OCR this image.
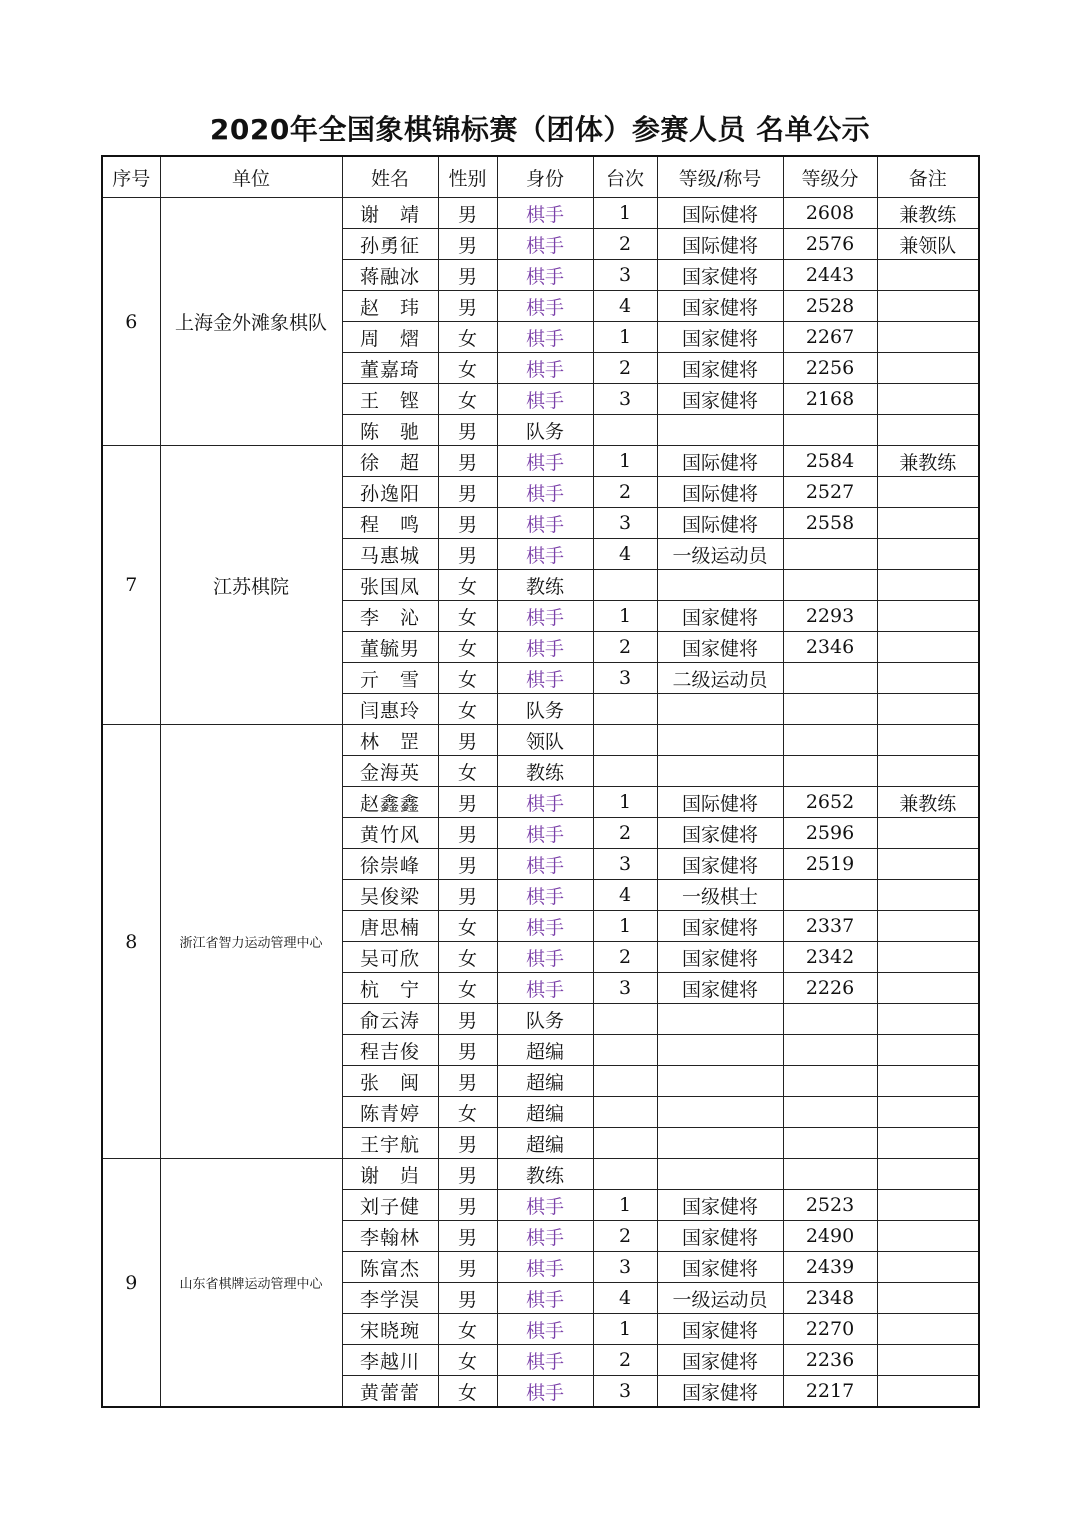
2020年全国象棋锦标赛（团体）参赛人员 名单公示
序号	单位	姓名	性别	身份	台次	等级/称号	等级分	备注
6	上海金外滩象棋队	谢　靖	男	棋手	1	国际健将	2608	兼教练
		孙勇征	男	棋手	2	国际健将	2576	兼领队
		蒋融冰	男	棋手	3	国家健将	2443	
		赵　玮	男	棋手	4	国家健将	2528	
		周　熠	女	棋手	1	国家健将	2267	
		董嘉琦	女	棋手	2	国家健将	2256	
		王　铿	女	棋手	3	国家健将	2168	
		陈　驰	男	队务				
7	江苏棋院	徐　超	男	棋手	1	国际健将	2584	兼教练
		孙逸阳	男	棋手	2	国际健将	2527	
		程　鸣	男	棋手	3	国际健将	2558	
		马惠城	男	棋手	4	一级运动员		
		张国凤	女	教练				
		李　沁	女	棋手	1	国家健将	2293	
		董毓男	女	棋手	2	国家健将	2346	
		亓　雪	女	棋手	3	二级运动员		
		闫惠玲	女	队务				
8	浙江省智力运动管理中心	林　罡	男	领队				
		金海英	女	教练				
		赵鑫鑫	男	棋手	1	国际健将	2652	兼教练
		黄竹风	男	棋手	2	国家健将	2596	
		徐崇峰	男	棋手	3	国家健将	2519	
		吴俊梁	男	棋手	4	一级棋士		
		唐思楠	女	棋手	1	国家健将	2337	
		吴可欣	女	棋手	2	国家健将	2342	
		杭　宁	女	棋手	3	国家健将	2226	
		俞云涛	男	队务				
		程吉俊	男	超编				
		张　闽	男	超编				
		陈青婷	女	超编				
		王宇航	男	超编				
9	山东省棋牌运动管理中心	谢　岿	男	教练				
		刘子健	男	棋手	1	国家健将	2523	
		李翰林	男	棋手	2	国家健将	2490	
		陈富杰	男	棋手	3	国家健将	2439	
		李学淏	男	棋手	4	一级运动员	2348	
		宋晓琬	女	棋手	1	国家健将	2270	
		李越川	女	棋手	2	国家健将	2236	
		黄蕾蕾	女	棋手	3	国家健将	2217	
